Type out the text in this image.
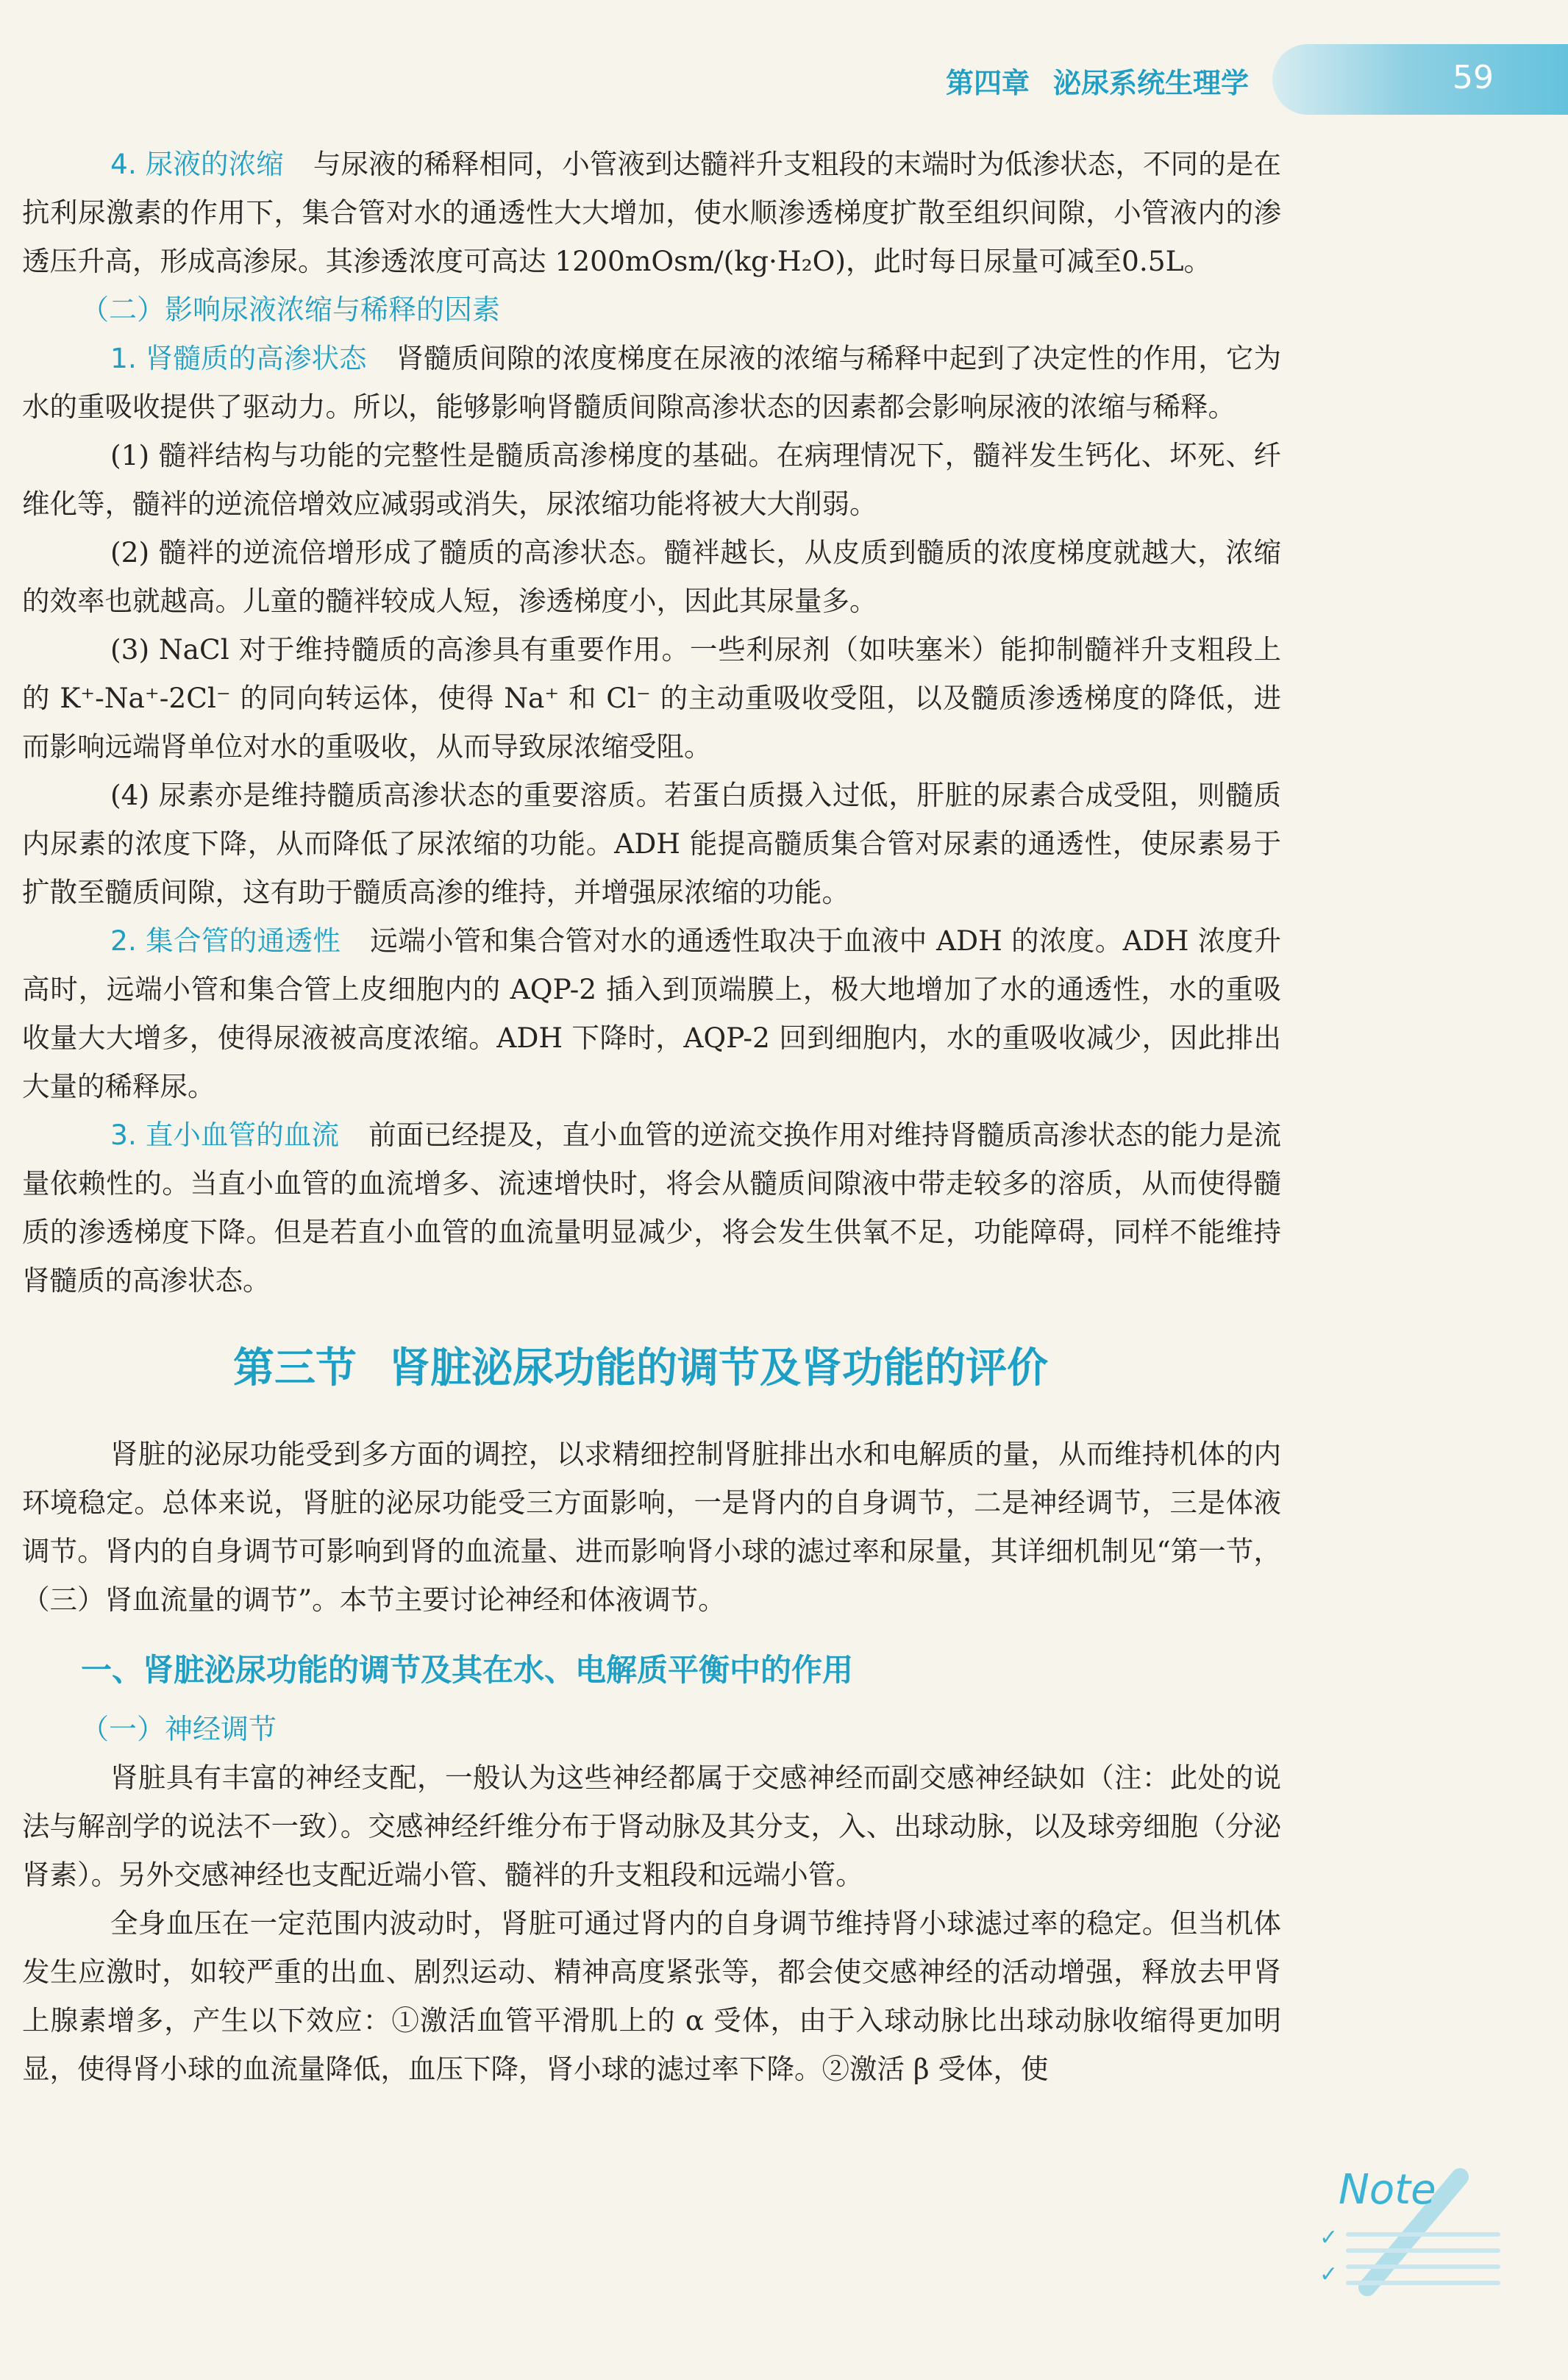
第四章 泌尿系统生理学	59

4. 尿液的浓缩 与尿液的稀释相同，小管液到达髓袢升支粗段的末端时为低渗状态，不同的是在抗利尿激素的作用下，集合管对水的通透性大大增加，使水顺渗透梯度扩散至组织间隙，小管液内的渗透压升高，形成高渗尿。其渗透浓度可高达 1200mOsm/(kg·H₂O)，此时每日尿量可减至0.5L。

（二）影响尿液浓缩与稀释的因素

1. 肾髓质的高渗状态 肾髓质间隙的浓度梯度在尿液的浓缩与稀释中起到了决定性的作用，它为水的重吸收提供了驱动力。所以，能够影响肾髓质间隙高渗状态的因素都会影响尿液的浓缩与稀释。

(1) 髓袢结构与功能的完整性是髓质高渗梯度的基础。在病理情况下，髓袢发生钙化、坏死、纤维化等，髓袢的逆流倍增效应减弱或消失，尿浓缩功能将被大大削弱。

(2) 髓袢的逆流倍增形成了髓质的高渗状态。髓袢越长，从皮质到髓质的浓度梯度就越大，浓缩的效率也就越高。儿童的髓袢较成人短，渗透梯度小，因此其尿量多。

(3) NaCl 对于维持髓质的高渗具有重要作用。一些利尿剂（如呋塞米）能抑制髓袢升支粗段上的 K⁺-Na⁺-2Cl⁻ 的同向转运体，使得 Na⁺ 和 Cl⁻ 的主动重吸收受阻，以及髓质渗透梯度的降低，进而影响远端肾单位对水的重吸收，从而导致尿浓缩受阻。

(4) 尿素亦是维持髓质高渗状态的重要溶质。若蛋白质摄入过低，肝脏的尿素合成受阻，则髓质内尿素的浓度下降，从而降低了尿浓缩的功能。ADH 能提高髓质集合管对尿素的通透性，使尿素易于扩散至髓质间隙，这有助于髓质高渗的维持，并增强尿浓缩的功能。

2. 集合管的通透性 远端小管和集合管对水的通透性取决于血液中 ADH 的浓度。ADH 浓度升高时，远端小管和集合管上皮细胞内的 AQP-2 插入到顶端膜上，极大地增加了水的通透性，水的重吸收量大大增多，使得尿液被高度浓缩。ADH 下降时，AQP-2 回到细胞内，水的重吸收减少，因此排出大量的稀释尿。

3. 直小血管的血流 前面已经提及，直小血管的逆流交换作用对维持肾髓质高渗状态的能力是流量依赖性的。当直小血管的血流增多、流速增快时，将会从髓质间隙液中带走较多的溶质，从而使得髓质的渗透梯度下降。但是若直小血管的血流量明显减少，将会发生供氧不足，功能障碍，同样不能维持肾髓质的高渗状态。

第三节 肾脏泌尿功能的调节及肾功能的评价

肾脏的泌尿功能受到多方面的调控，以求精细控制肾脏排出水和电解质的量，从而维持机体的内环境稳定。总体来说，肾脏的泌尿功能受三方面影响，一是肾内的自身调节，二是神经调节，三是体液调节。肾内的自身调节可影响到肾的血流量、进而影响肾小球的滤过率和尿量，其详细机制见“第一节，（三）肾血流量的调节”。本节主要讨论神经和体液调节。

一、肾脏泌尿功能的调节及其在水、电解质平衡中的作用
（一）神经调节

肾脏具有丰富的神经支配，一般认为这些神经都属于交感神经而副交感神经缺如（注：此处的说法与解剖学的说法不一致）。交感神经纤维分布于肾动脉及其分支，入、出球动脉，以及球旁细胞（分泌肾素）。另外交感神经也支配近端小管、髓袢的升支粗段和远端小管。

全身血压在一定范围内波动时，肾脏可通过肾内的自身调节维持肾小球滤过率的稳定。但当机体发生应激时，如较严重的出血、剧烈运动、精神高度紧张等，都会使交感神经的活动增强，释放去甲肾上腺素增多，产生以下效应：①激活血管平滑肌上的 α 受体，由于入球动脉比出球动脉收缩得更加明显，使得肾小球的血流量降低，血压下降，肾小球的滤过率下降。②激活 β 受体，使

Note
✓
✓
